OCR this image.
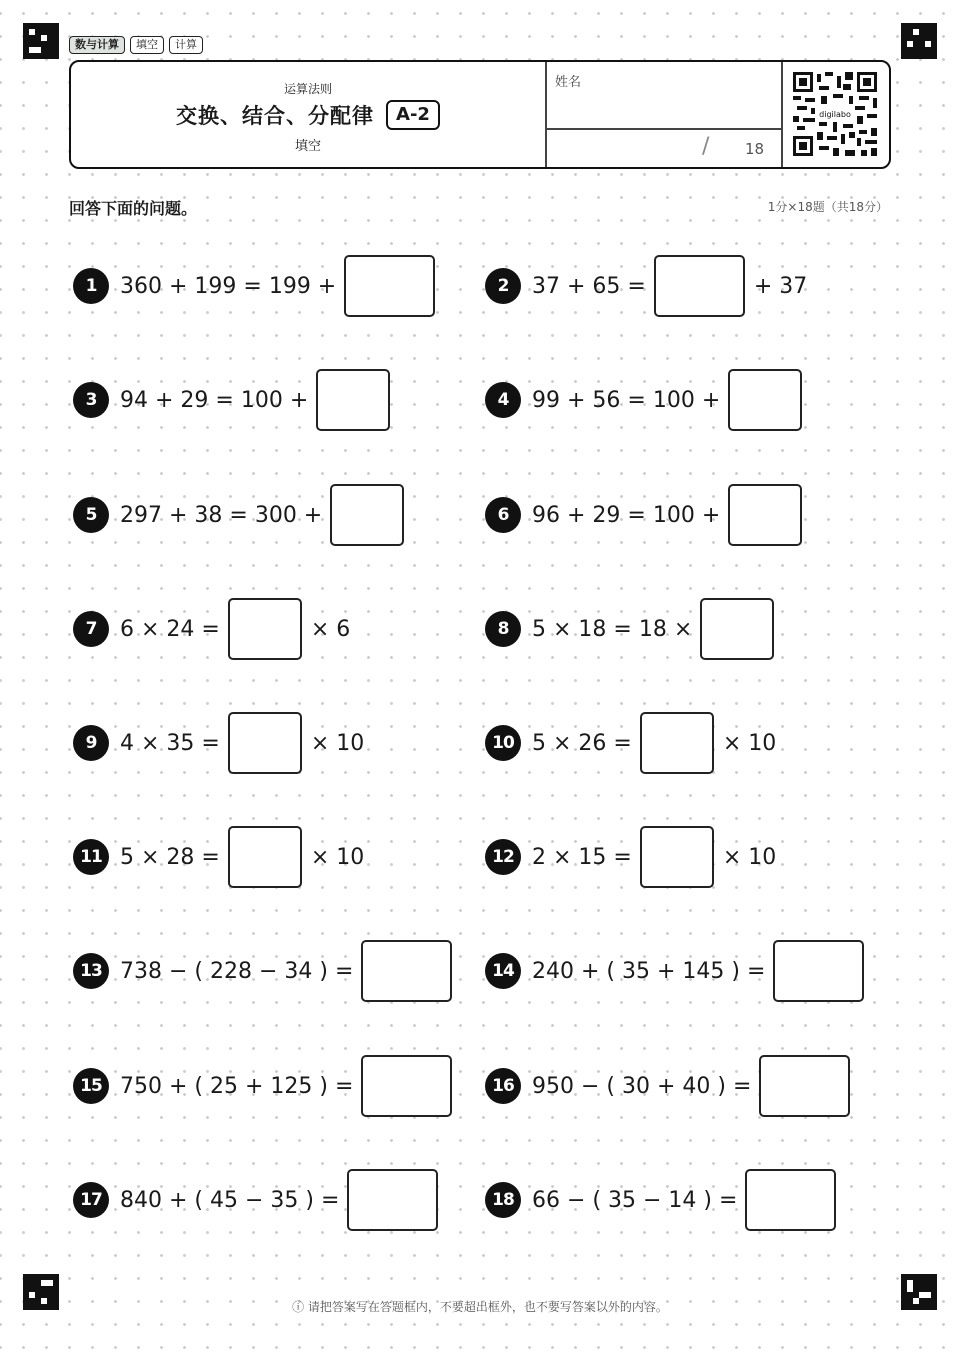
数与计算	填空	计算
运算法则
交换、结合、分配律	A-2
填空
姓名
/ 18
digilabo
回答下面的问题。	1分×18题（共18分）
1	360 + 199 = 199 +	2	37 + 65 =	+ 37
3	94 + 29 = 100 +	4	99 + 56 = 100 +
5	297 + 38 = 300 +	6	96 + 29 = 100 +
7	6 × 24 =	× 6	8	5 × 18 = 18 ×
9	4 × 35 =	× 10	10 5 × 26 =	× 10
11 5 × 28 =	× 10	12 2 × 15 =	× 10
13 738 − ( 228 − 34 ) =	14 240 + ( 35 + 145 ) =
15 750 + ( 25 + 125 ) =	16 950 − ( 30 + 40 ) =
17 840 + ( 45 − 35 ) =	18 66 − ( 35 − 14 ) =
ⓘ 请把答案写在答题框内，不要超出框外，也不要写答案以外的内容。
